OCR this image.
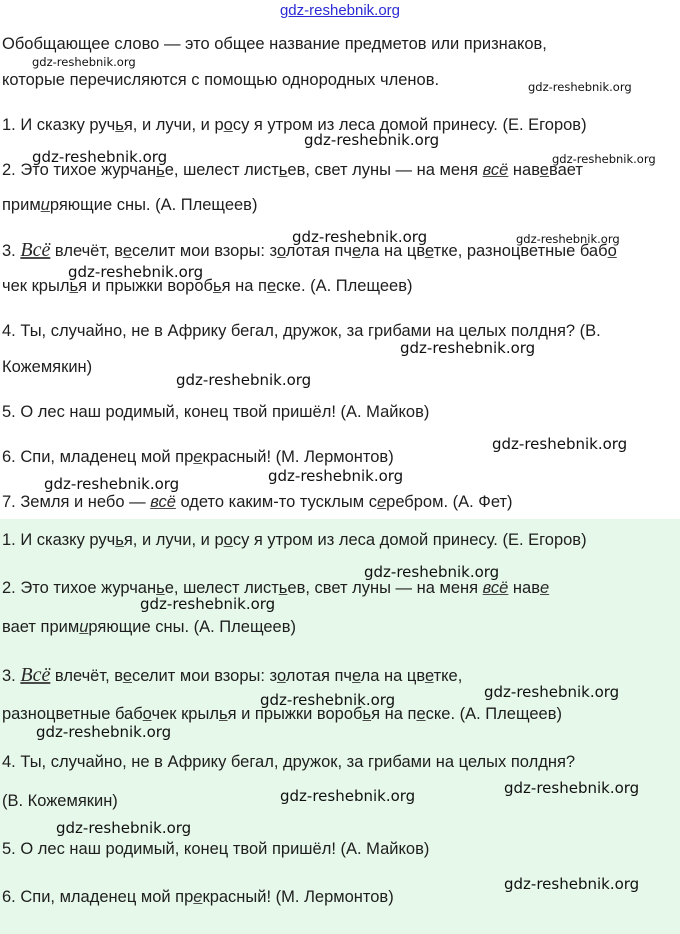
gdz-reshebnik.org
Обобщающее слово — это общее название предметов или признаков,
которые перечисляются с помощью однородных членов.
1. И сказку ручья, и лучи, и росу я утром из леса домой принесу. (Е. Егоров)
2. Это тихое журчанье, шелест листьев, свет луны — на меня всё навевает
примиряющие сны. (А. Плещеев)
3. Всё влечёт, веселит мои взоры: золотая пчела на цветке, разноцветные бабо
чек крылья и прыжки воробья на песке. (А. Плещеев)
4. Ты, случайно, не в Африку бегал, дружок, за грибами на целых полдня? (В.
Кожемякин)
5. О лес наш родимый, конец твой пришёл! (А. Майков)
6. Спи, младенец мой прекрасный! (М. Лермонтов)
7. Земля и небо — всё одето каким-то тусклым серебром. (А. Фет)
1. И сказку ручья, и лучи, и росу я утром из леса домой принесу. (Е. Егоров)
2. Это тихое журчанье, шелест листьев, свет луны — на меня всё наве
вает примиряющие сны. (А. Плещеев)
3. Всё влечёт, веселит мои взоры: золотая пчела на цветке,
разноцветные бабочек крылья и прыжки воробья на песке. (А. Плещеев)
4. Ты, случайно, не в Африку бегал, дружок, за грибами на целых полдня?
(В. Кожемякин)
5. О лес наш родимый, конец твой пришёл! (А. Майков)
6. Спи, младенец мой прекрасный! (М. Лермонтов)
gdz-reshebnik.org
gdz-reshebnik.org
gdz-reshebnik.org
gdz-reshebnik.org	gdz-reshebnik.org
gdz-reshebnik.org	gdz-reshebnik.org
gdz-reshebnik.org
gdz-reshebnik.org
gdz-reshebnik.org
gdz-reshebnik.org
gdz-reshebnik.org
gdz-reshebnik.org
gdz-reshebnik.org
gdz-reshebnik.org
gdz-reshebnik.org
gdz-reshebnik.org
gdz-reshebnik.org
gdz-reshebnik.org
gdz-reshebnik.org
gdz-reshebnik.org
gdz-reshebnik.org
